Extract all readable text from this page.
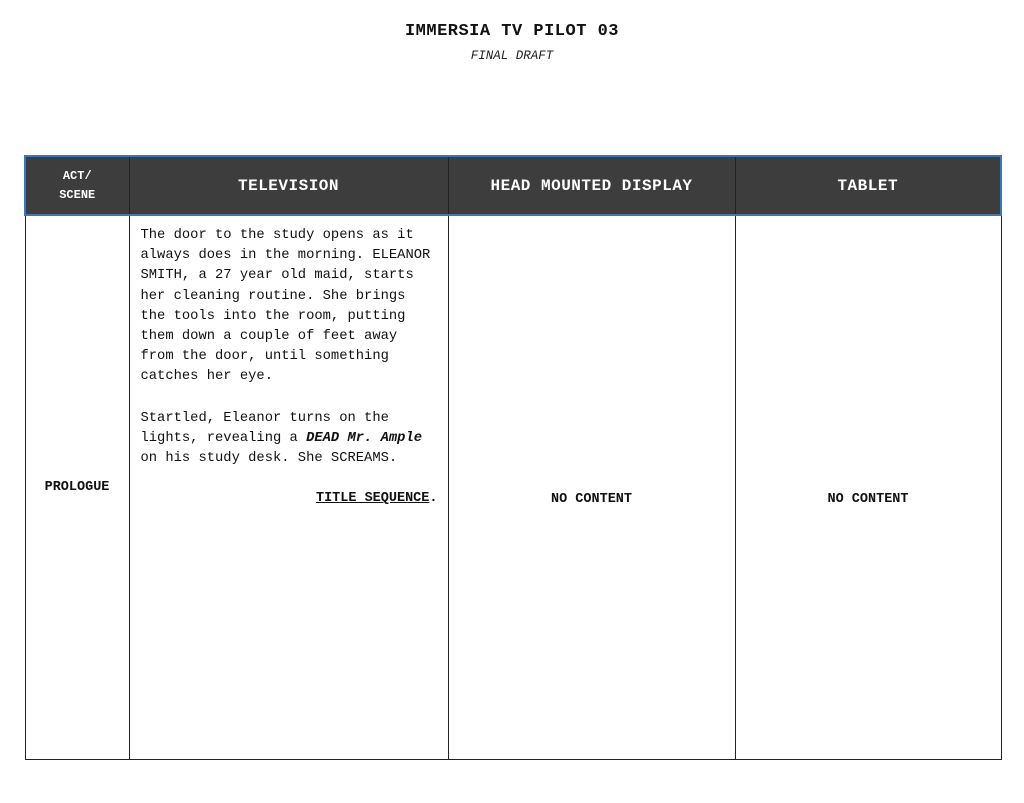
IMMERSIA TV PILOT 03
FINAL DRAFT
ACT/
SCENE	TELEVISION	HEAD MOUNTED DISPLAY	TABLET
PROLOGUE	The door to the study opens as it always does in the morning. ELEANOR SMITH, a 27 year old maid, starts her cleaning routine. She brings the tools into the room, putting them down a couple of feet away from the door, until something catches her eye.

Startled, Eleanor turns on the lights, revealing a DEAD Mr. Ample on his study desk. She SCREAMS.

TITLE SEQUENCE.	$_{NO CONTENT}$	$_{NO CONTENT}$
